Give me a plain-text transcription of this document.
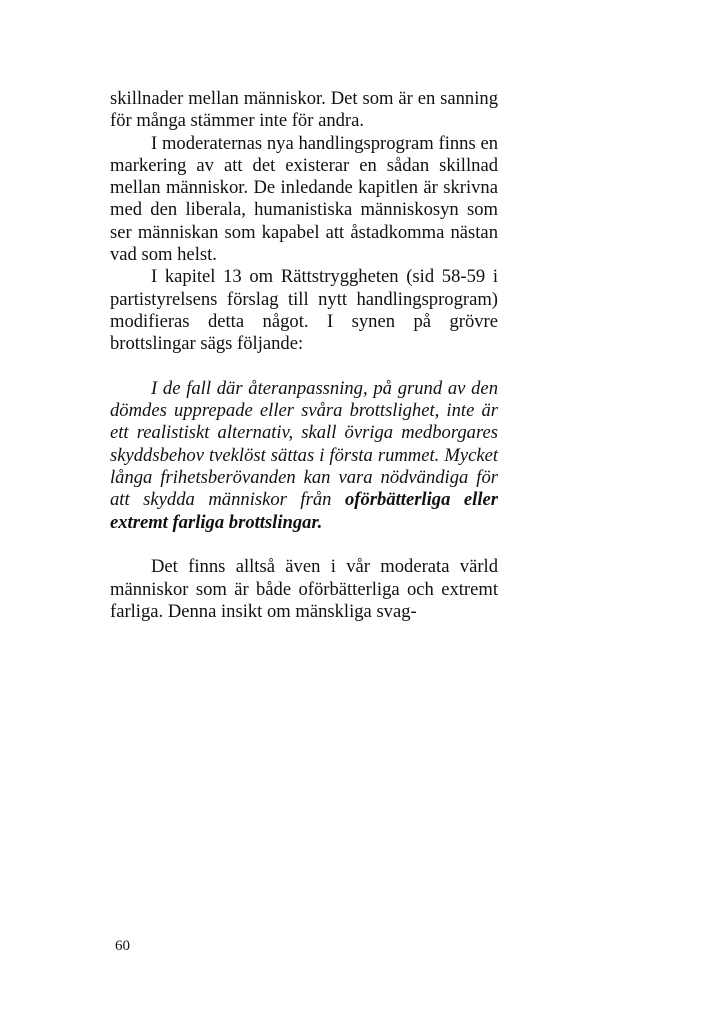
skillnader mellan människor. Det som är en sanning för många stämmer inte för andra.

I moderaternas nya handlingsprogram finns en markering av att det existerar en sådan skillnad mellan människor. De inledande kapitlen är skrivna med den liberala, humanistiska människosyn som ser människan som kapabel att åstadkomma nästan vad som helst.

I kapitel 13 om Rättstryggheten (sid 58-59 i partistyrelsens förslag till nytt handlingsprogram) modifieras detta något. I synen på grövre brottslingar sägs följande:

I de fall där återanpassning, på grund av den dömdes upprepade eller svåra brottslighet, inte är ett realistiskt alternativ, skall övriga medborgares skyddsbehov tveklöst sättas i första rummet. Mycket långa frihetsberövanden kan vara nödvändiga för att skydda människor från oförbätterliga eller extremt farliga brottslingar.

Det finns alltså även i vår moderata värld människor som är både oförbätterliga och extremt farliga. Denna insikt om mänskliga svag-

60
